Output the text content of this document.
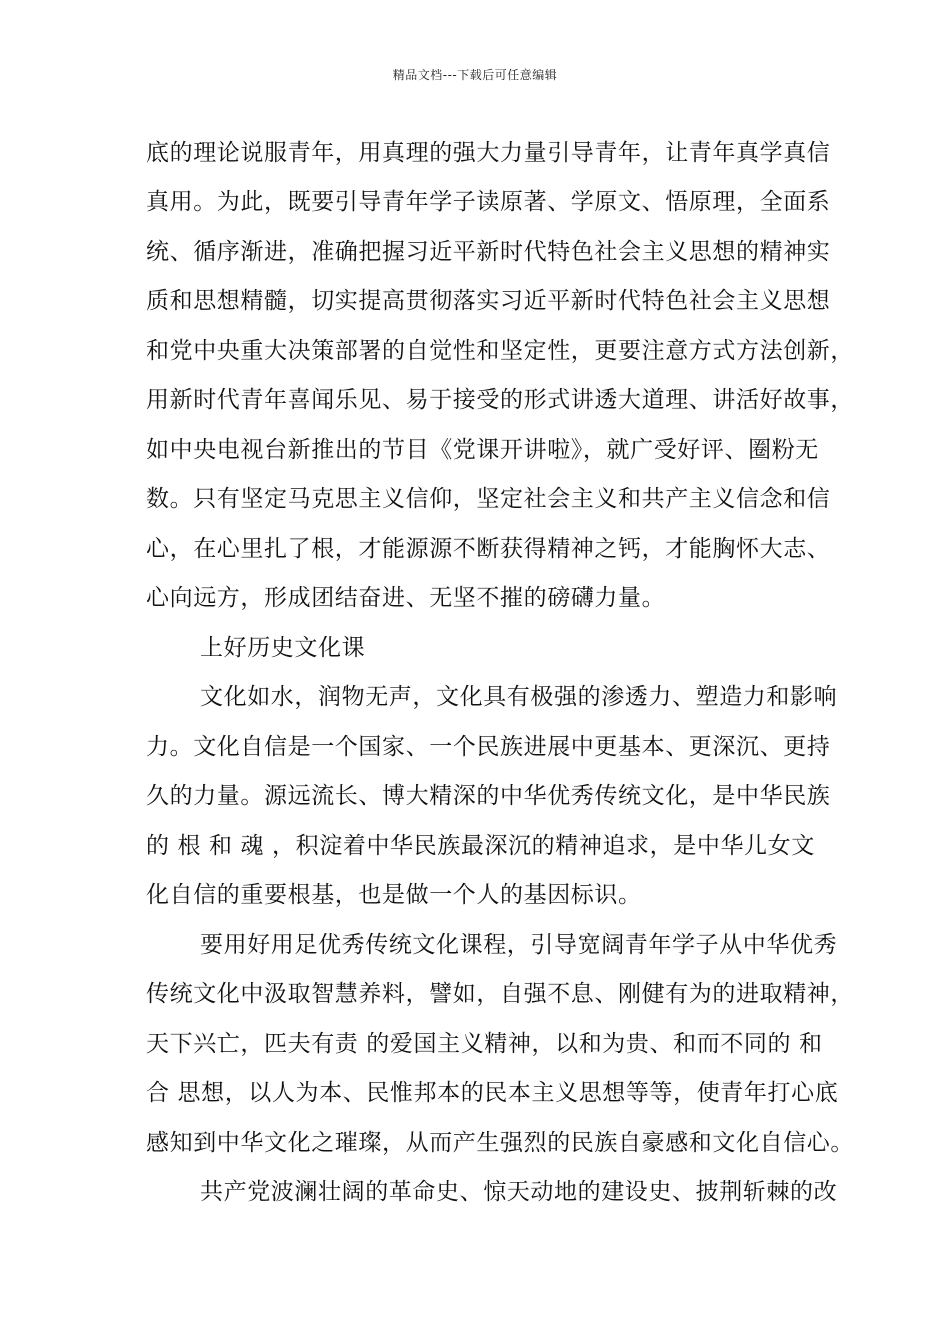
精品文档---下载后可任意编辑
底的理论说服青年，用真理的强大力量引导青年，让青年真学真信
真用。为此，既要引导青年学子读原著、学原文、悟原理，全面系
统、循序渐进，准确把握习近平新时代特色社会主义思想的精神实
质和思想精髓，切实提高贯彻落实习近平新时代特色社会主义思想
和党中央重大决策部署的自觉性和坚定性，更要注意方式方法创新，
用新时代青年喜闻乐见、易于接受的形式讲透大道理、讲活好故事，
如中央电视台新推出的节目《党课开讲啦》，就广受好评、圈粉无
数。只有坚定马克思主义信仰，坚定社会主义和共产主义信念和信
心，在心里扎了根，才能源源不断获得精神之钙，才能胸怀大志、
心向远方，形成团结奋进、无坚不摧的磅礴力量。
上好历史文化课
文化如水，润物无声，文化具有极强的渗透力、塑造力和影响
力。文化自信是一个国家、一个民族进展中更基本、更深沉、更持
久的力量。源远流长、博大精深的中华优秀传统文化，是中华民族
的 根 和 魂 ，积淀着中华民族最深沉的精神追求，是中华儿女文
化自信的重要根基，也是做一个人的基因标识。
要用好用足优秀传统文化课程，引导宽阔青年学子从中华优秀
传统文化中汲取智慧养料，譬如，自强不息、刚健有为的进取精神，
天下兴亡，匹夫有责 的爱国主义精神，以和为贵、和而不同的 和
合 思想，以人为本、民惟邦本的民本主义思想等等，使青年打心底
感知到中华文化之璀璨，从而产生强烈的民族自豪感和文化自信心。
共产党波澜壮阔的革命史、惊天动地的建设史、披荆斩棘的改
